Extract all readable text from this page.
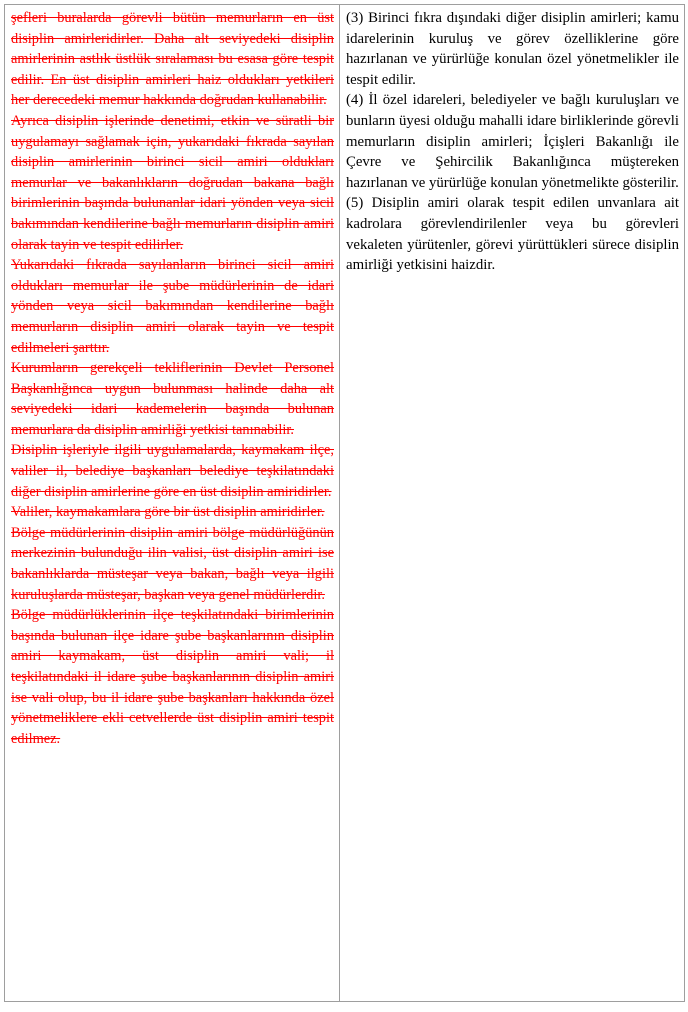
şefleri buralarda görevli bütün memurların en üst disiplin amirleridirler. Daha alt seviyedeki disiplin amirlerinin astlık üstlük sıralaması bu esasa göre tespit edilir. En üst disiplin amirleri haiz oldukları yetkileri her derecedeki memur hakkında doğrudan kullanabilir.

Ayrıca disiplin işlerinde denetimi, etkin ve süratli bir uygulamayı sağlamak için, yukarıdaki fıkrada sayılan disiplin amirlerinin birinci sicil amiri oldukları memurlar ve bakanlıkların doğrudan bakana bağlı birimlerinin başında bulunanlar idari yönden veya sicil bakımından kendilerine bağlı memurların disiplin amiri olarak tayin ve tespit edilirler.

Yukarıdaki fıkrada sayılanların birinci sicil amiri oldukları memurlar ile şube müdürlerinin de idari yönden veya sicil bakımından kendilerine bağlı memurların disiplin amiri olarak tayin ve tespit edilmeleri şarttır.

Kurumların gerekçeli tekliflerinin Devlet Personel Başkanlığınca uygun bulunması halinde daha alt seviyedeki idari kademelerin başında bulunan memurlara da disiplin amirliği yetkisi tanınabilir.

Disiplin işleriyle ilgili uygulamalarda, kaymakam ilçe, valiler il, belediye başkanları belediye teşkilatındaki diğer disiplin amirlerine göre en üst disiplin amiridirler.

Valiler, kaymakamlara göre bir üst disiplin amiridirler.

Bölge müdürlerinin disiplin amiri bölge müdürlüğünün merkezinin bulunduğu ilin valisi, üst disiplin amiri ise bakanlıklarda müsteşar veya bakan, bağlı veya ilgili kuruluşlarda müsteşar, başkan veya genel müdürlerdir.

Bölge müdürlüklerinin ilçe teşkilatındaki birimlerinin başında bulunan ilçe idare şube başkanlarının disiplin amiri kaymakam, üst disiplin amiri vali; il teşkilatındaki il idare şube başkanlarının disiplin amiri ise vali olup, bu il idare şube başkanları hakkında özel yönetmeliklere ekli cetvellerde üst disiplin amiri tespit edilmez.

(3) Birinci fıkra dışındaki diğer disiplin amirleri; kamu idarelerinin kuruluş ve görev özelliklerine göre hazırlanan ve yürürlüğe konulan özel yönetmelikler ile tespit edilir.

(4) İl özel idareleri, belediyeler ve bağlı kuruluşları ve bunların üyesi olduğu mahalli idare birliklerinde görevli memurların disiplin amirleri; İçişleri Bakanlığı ile Çevre ve Şehircilik Bakanlığınca müştereken hazırlanan ve yürürlüğe konulan yönetmelikte gösterilir.

(5) Disiplin amiri olarak tespit edilen unvanlara ait kadrolara görevlendirilenler veya bu görevleri vekaleten yürütenler, görevi yürüttükleri sürece disiplin amirliği yetkisini haizdir.
